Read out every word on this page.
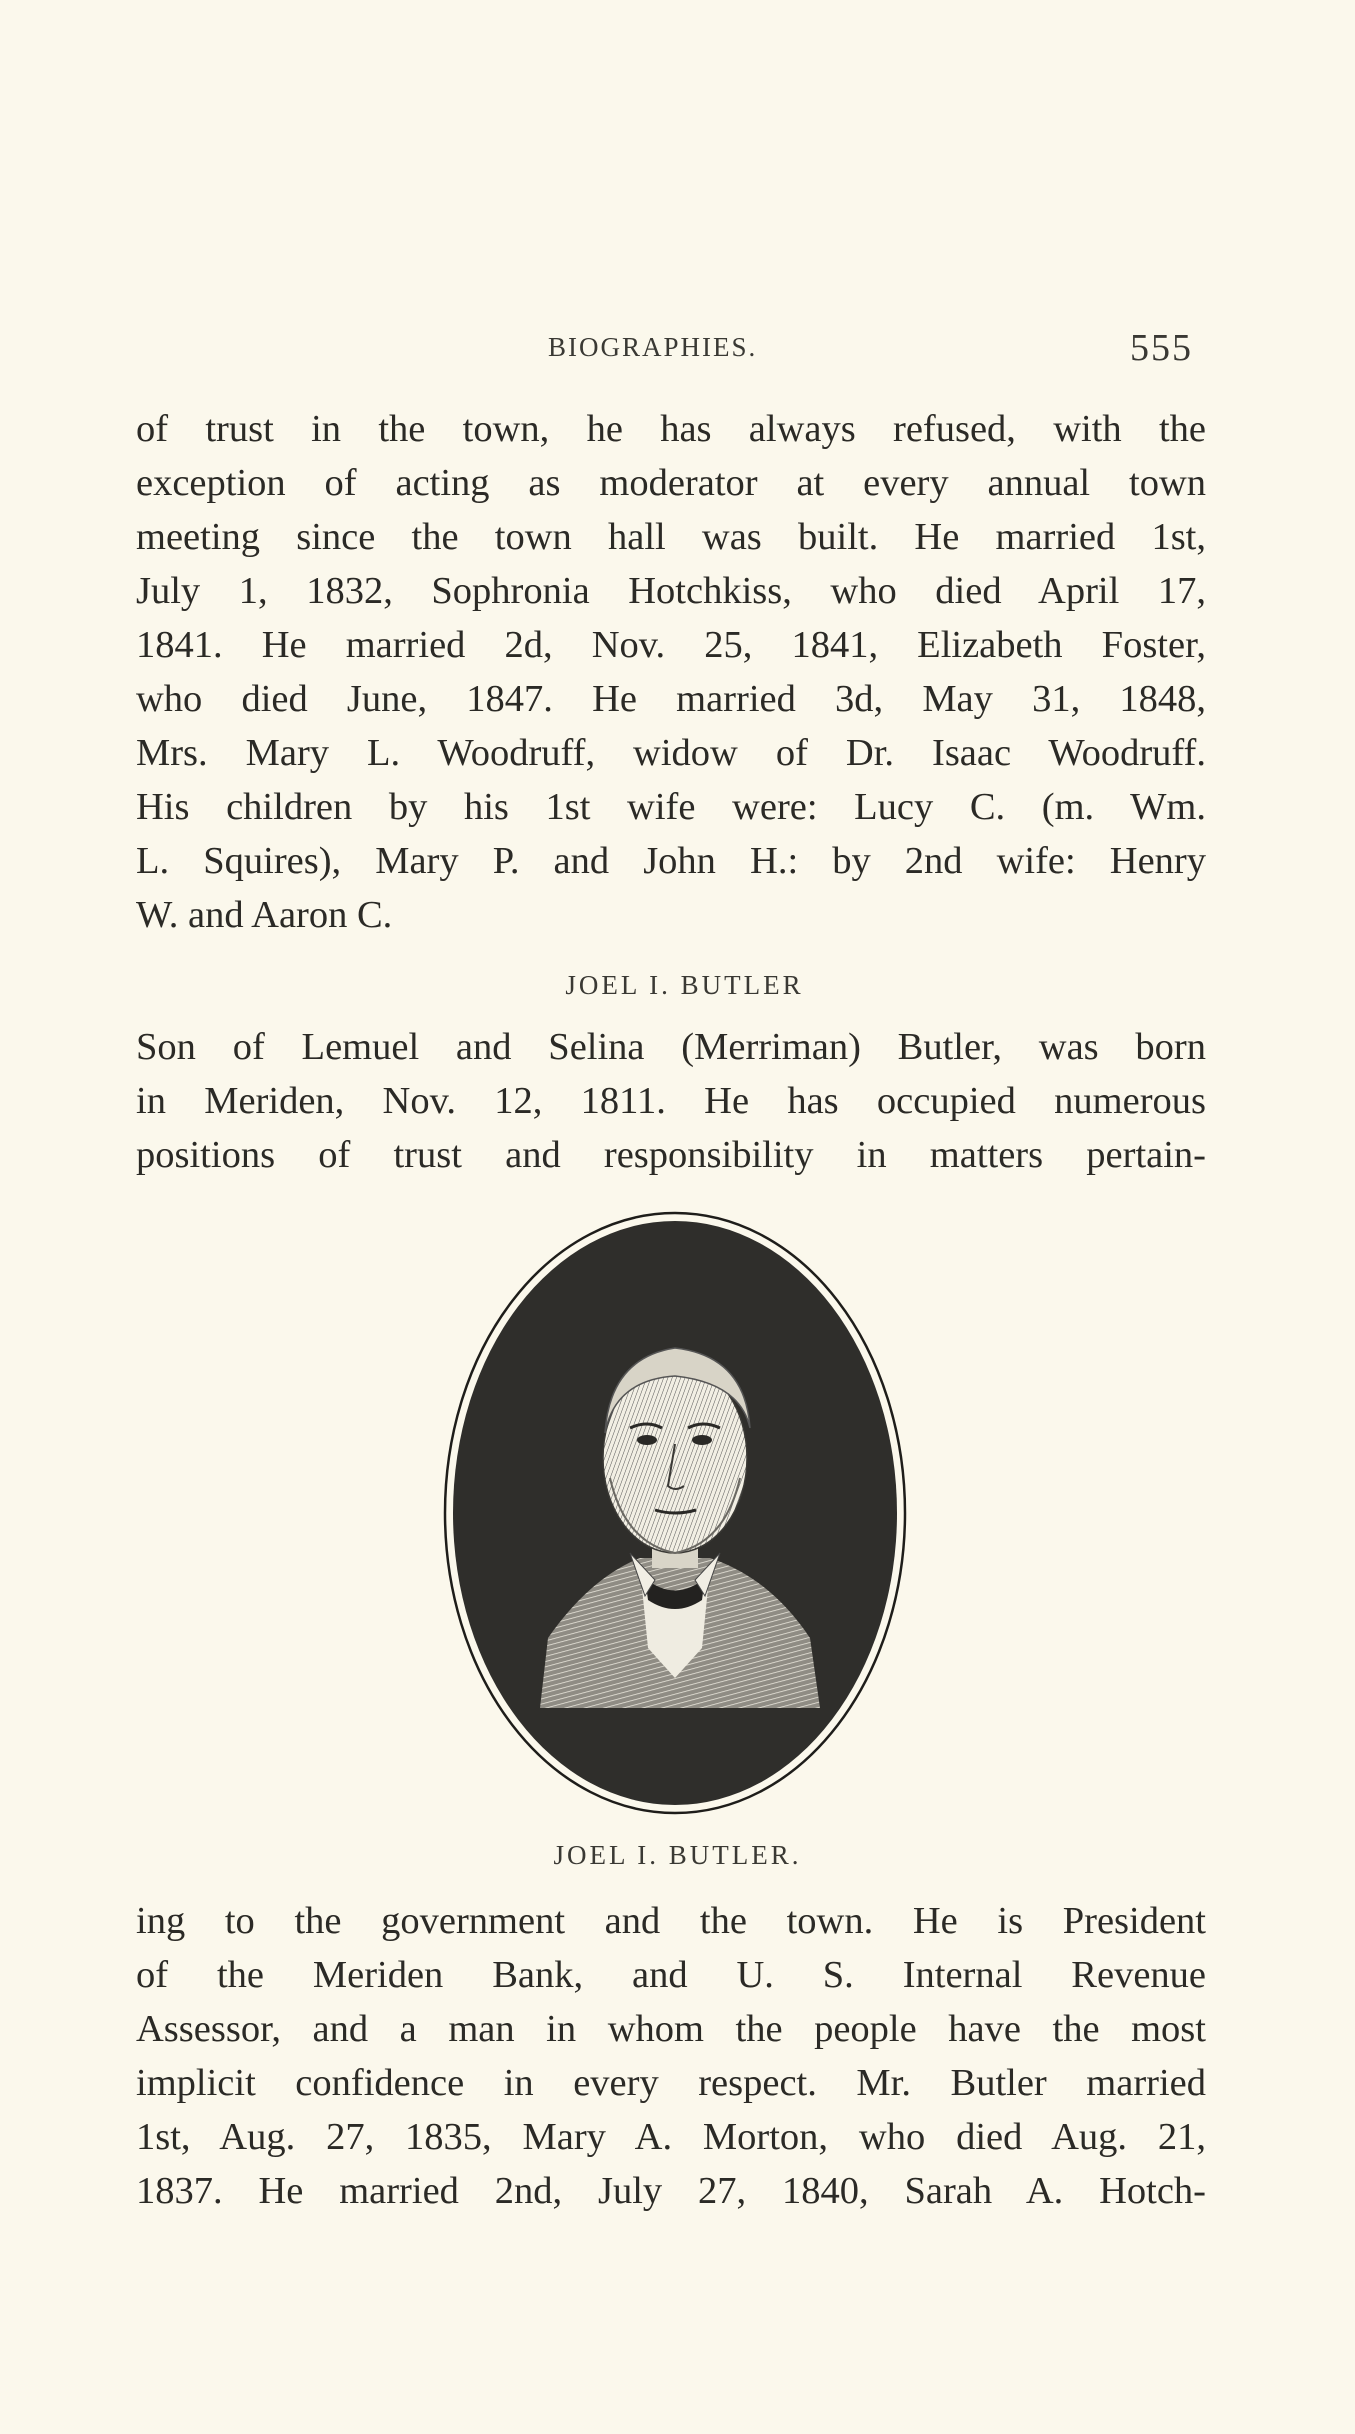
BIOGRAPHIES.	555
of trust in the town, he has always refused, with the
exception of acting as moderator at every annual town
meeting since the town hall was built. He married 1st,
July 1, 1832, Sophronia Hotchkiss, who died April 17,
1841. He married 2d, Nov. 25, 1841, Elizabeth Foster,
who died June, 1847. He married 3d, May 31, 1848,
Mrs. Mary L. Woodruff, widow of Dr. Isaac Woodruff.
His children by his 1st wife were: Lucy C. (m. Wm.
L. Squires), Mary P. and John H.: by 2nd wife: Henry
W. and Aaron C.
JOEL I. BUTLER
Son of Lemuel and Selina (Merriman) Butler, was born
in Meriden, Nov. 12, 1811. He has occupied numerous
positions of trust and responsibility in matters pertain-
JOEL I. BUTLER.
ing to the government and the town. He is President
of the Meriden Bank, and U. S. Internal Revenue
Assessor, and a man in whom the people have the most
implicit confidence in every respect. Mr. Butler married
1st, Aug. 27, 1835, Mary A. Morton, who died Aug. 21,
1837. He married 2nd, July 27, 1840, Sarah A. Hotch-
